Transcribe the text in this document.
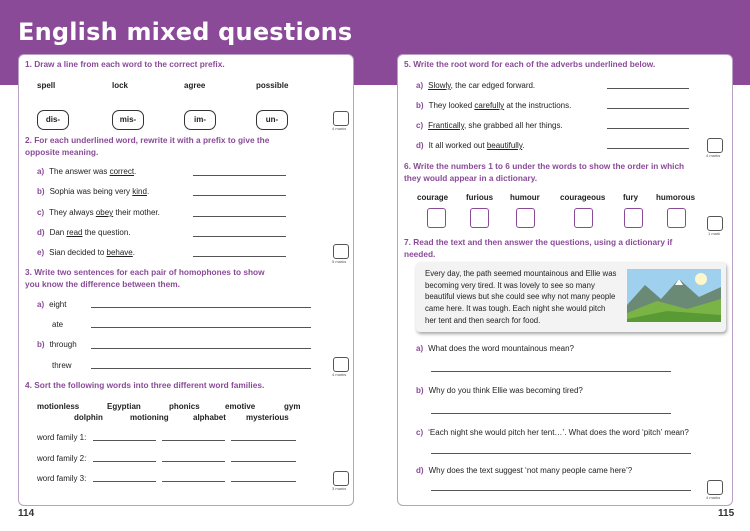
English mixed questions
114	115
1. Draw a line from each word to the correct prefix.
spell	lock	agree	possible
dis-	mis-	im-	un-
4 marks
2. For each underlined word, rewrite it with a prefix to give the opposite meaning.
a) The answer was correct.
b) Sophia was being very kind.
c) They always obey their mother.
d) Dan read the question.
e) Sian decided to behave.
5 marks
3. Write two sentences for each pair of homophones to show you know the difference between them.
a) eight
ate
b) through
threw
4 marks
4. Sort the following words into three different word families.
motionless	Egyptian	phonics	emotive	gym
dolphin	motioning	alphabet	mysterious
word family 1:
word family 2:
word family 3:
3 marks
5. Write the root word for each of the adverbs underlined below.
a) Slowly, the car edged forward.
b) They looked carefully at the instructions.
c) Frantically, she grabbed all her things.
d) It all worked out beautifully.
4 marks
6. Write the numbers 1 to 6 under the words to show the order in which they would appear in a dictionary.
courage furious humour	courageous fury humorous
1 mark
7. Read the text and then answer the questions, using a dictionary if needed.
Every day, the path seemed mountainous and Ellie was becoming very tired. It was lovely to see so many beautiful views but she could see why not many people came here. It was tough. Each night she would pitch her tent and then search for food.
a) What does the word mountainous mean?
b) Why do you think Ellie was becoming tired?
c) ‘Each night she would pitch her tent…’. What does the word ‘pitch’ mean?
d) Why does the text suggest ‘not many people came here’?
4 marks
